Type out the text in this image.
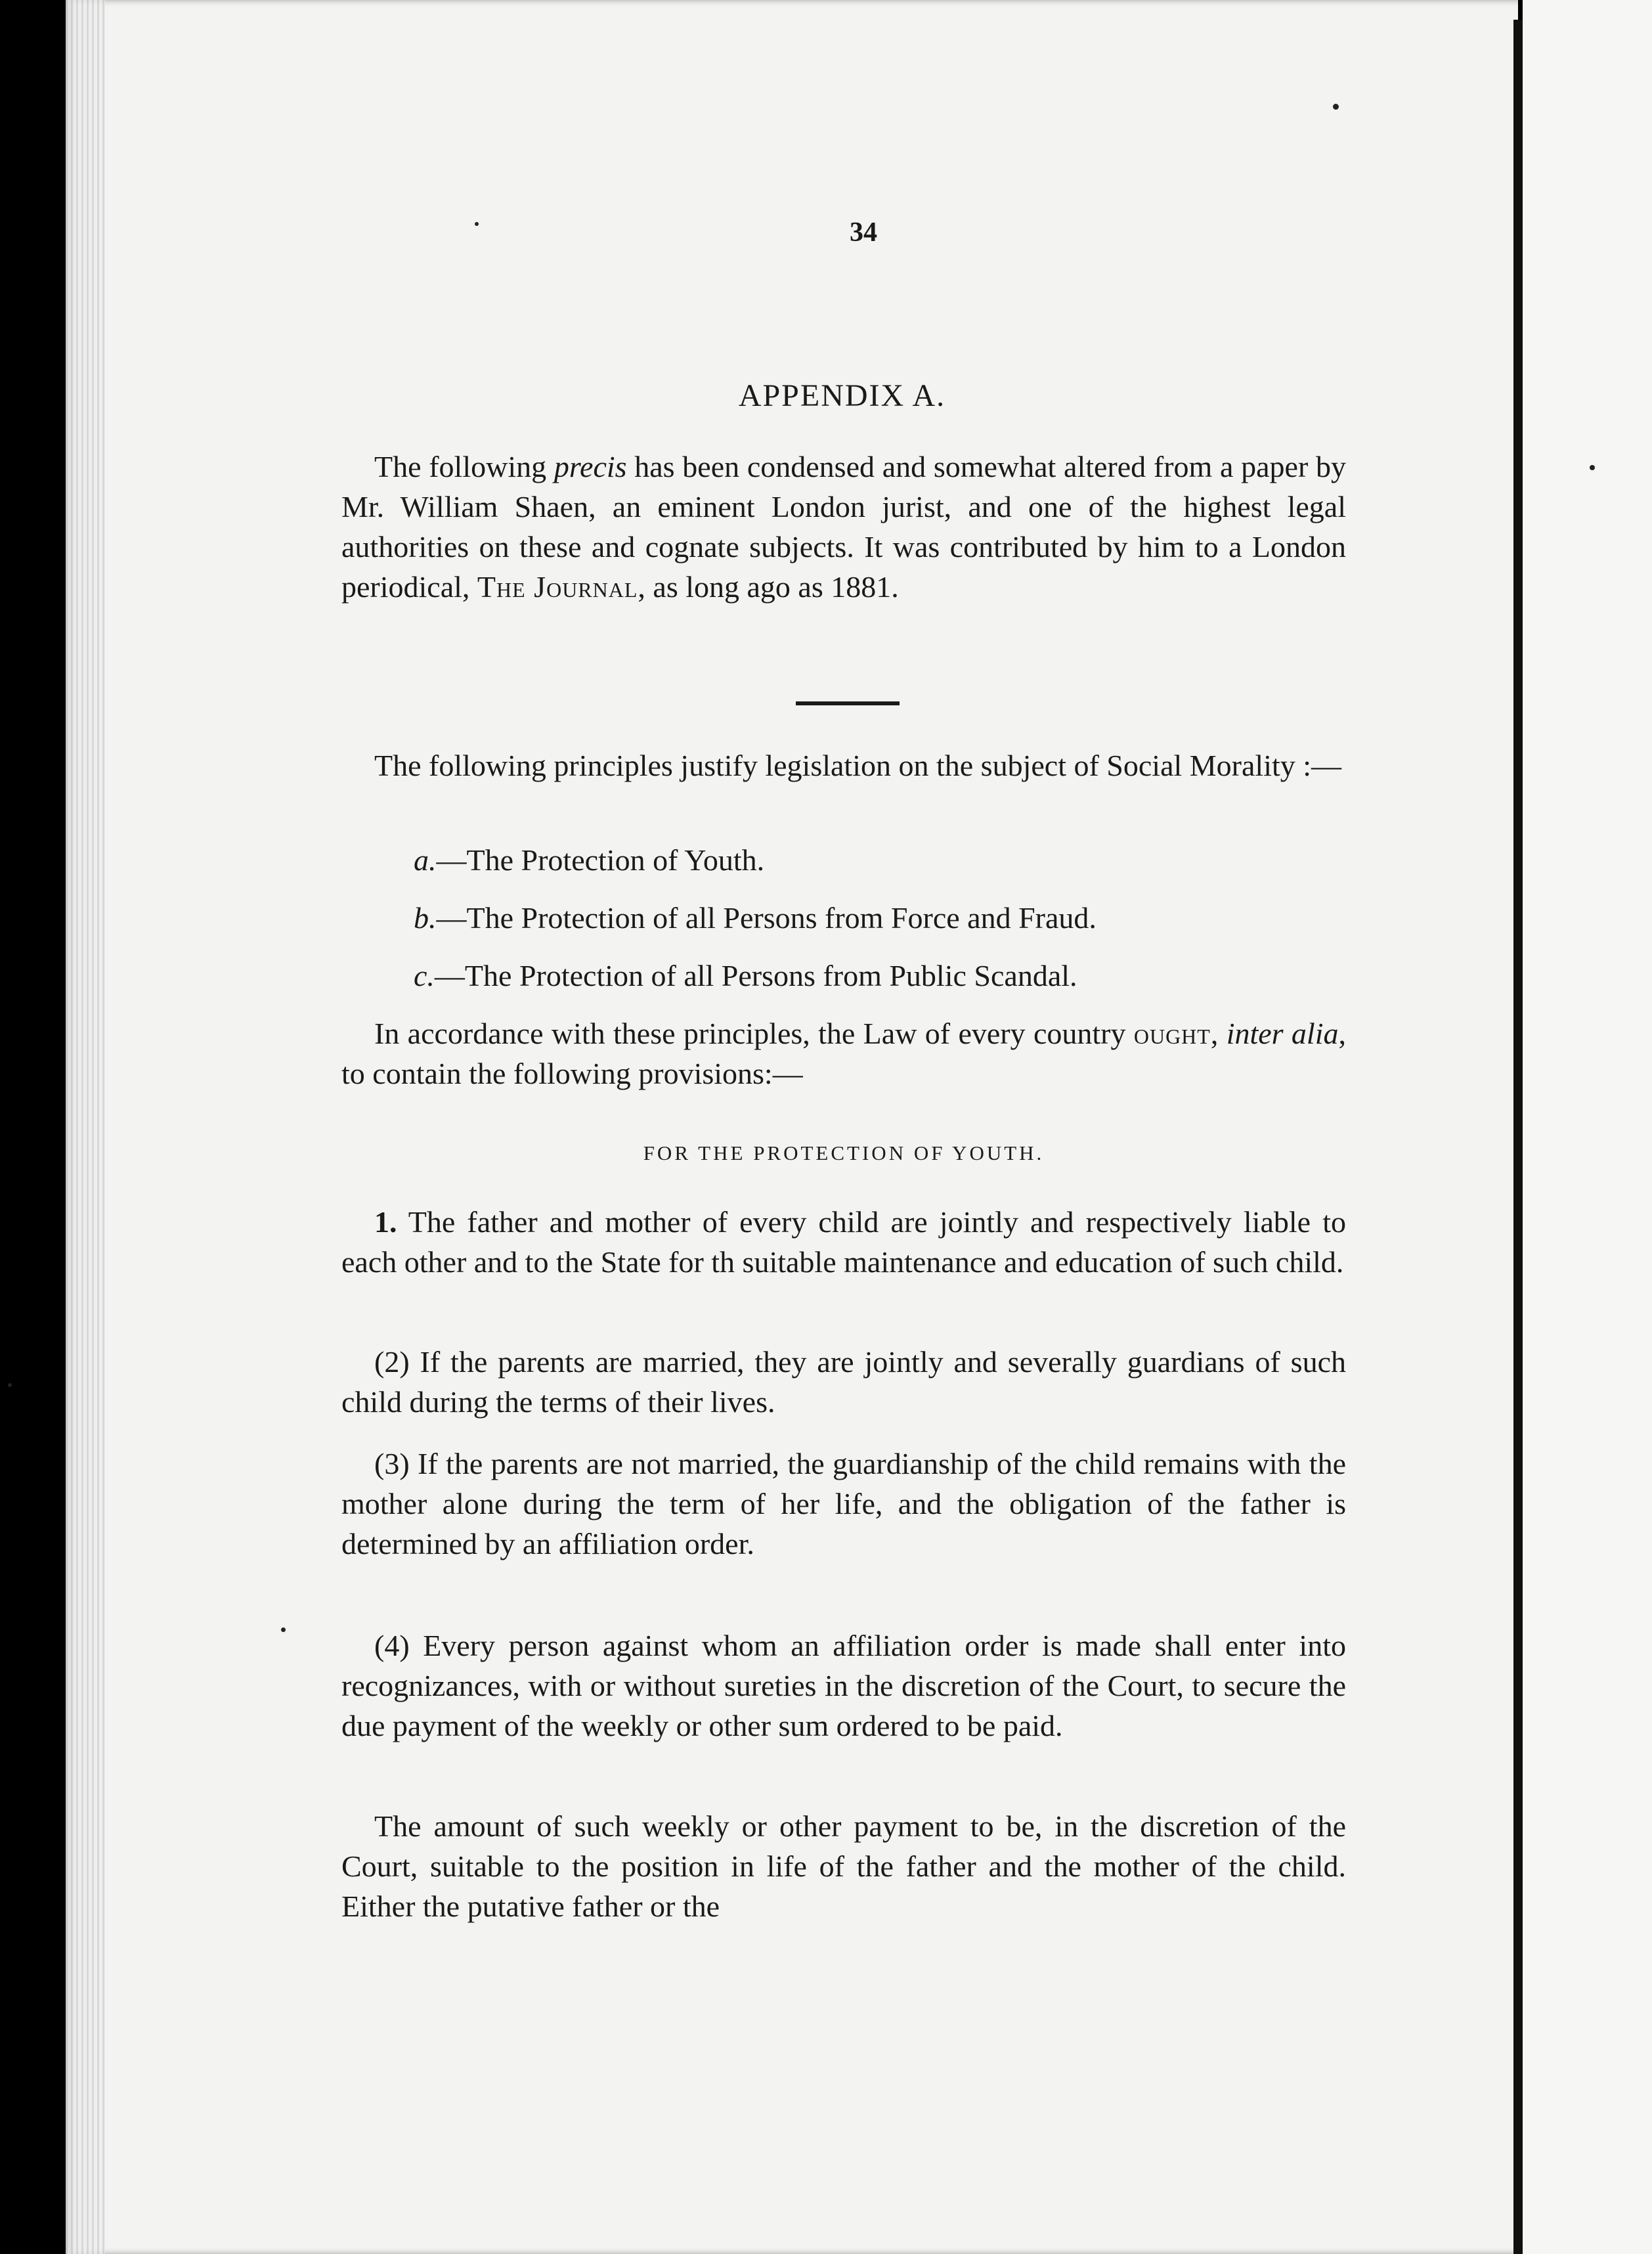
34
APPENDIX A.

The following precis has been condensed and somewhat altered from a paper by Mr. William Shaen, an eminent London jurist, and one of the highest legal authorities on these and cognate subjects. It was contributed by him to a London periodical, The Journal, as long ago as 1881.

The following principles justify legislation on the subject of Social Morality :—

a.—The Protection of Youth.
b.—The Protection of all Persons from Force and Fraud.
c.—The Protection of all Persons from Public Scandal.

In accordance with these principles, the Law of every country ought, inter alia, to contain the following provisions:—

FOR THE PROTECTION OF YOUTH.

1. The father and mother of every child are jointly and respectively liable to each other and to the State for th suitable maintenance and education of such child.

(2) If the parents are married, they are jointly and severally guardians of such child during the terms of their lives.

(3) If the parents are not married, the guardianship of the child remains with the mother alone during the term of her life, and the obligation of the father is determined by an affiliation order.

(4) Every person against whom an affiliation order is made shall enter into recognizances, with or without sureties in the discretion of the Court, to secure the due payment of the weekly or other sum ordered to be paid.

The amount of such weekly or other payment to be, in the discretion of the Court, suitable to the position in life of the father and the mother of the child. Either the putative father or the
